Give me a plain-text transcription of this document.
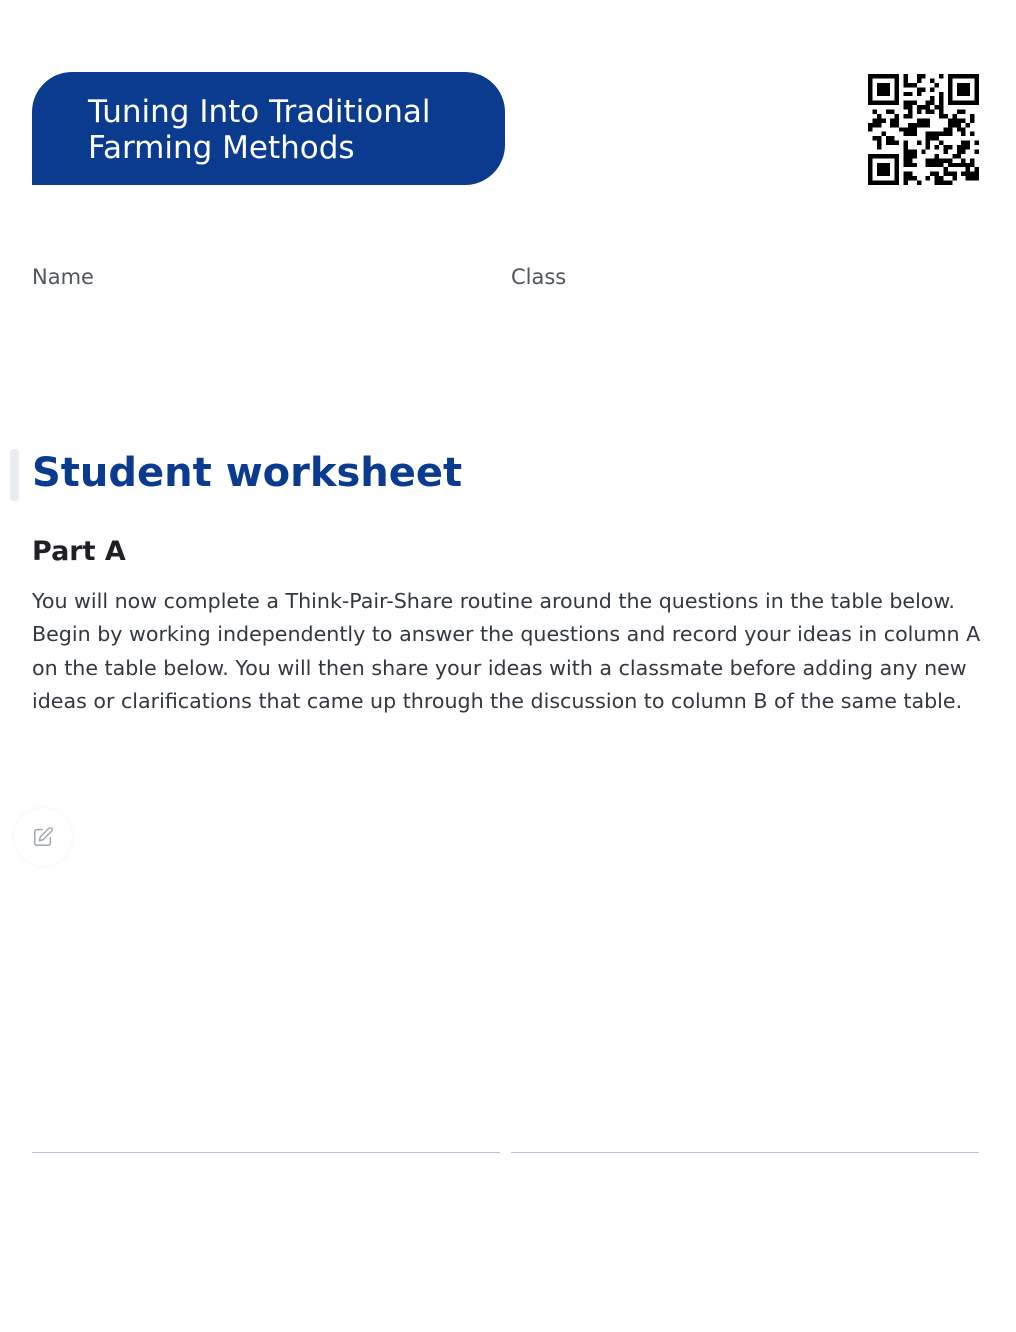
Tuning Into Traditional
Farming Methods
Name	Class
Student worksheet
Part A

You will now complete a Think-Pair-Share routine around the questions in the table below. Begin by working independently to answer the questions and record your ideas in column A on the table below. You will then share your ideas with a classmate before adding any new ideas or clarifications that came up through the discussion to column B of the same table.
